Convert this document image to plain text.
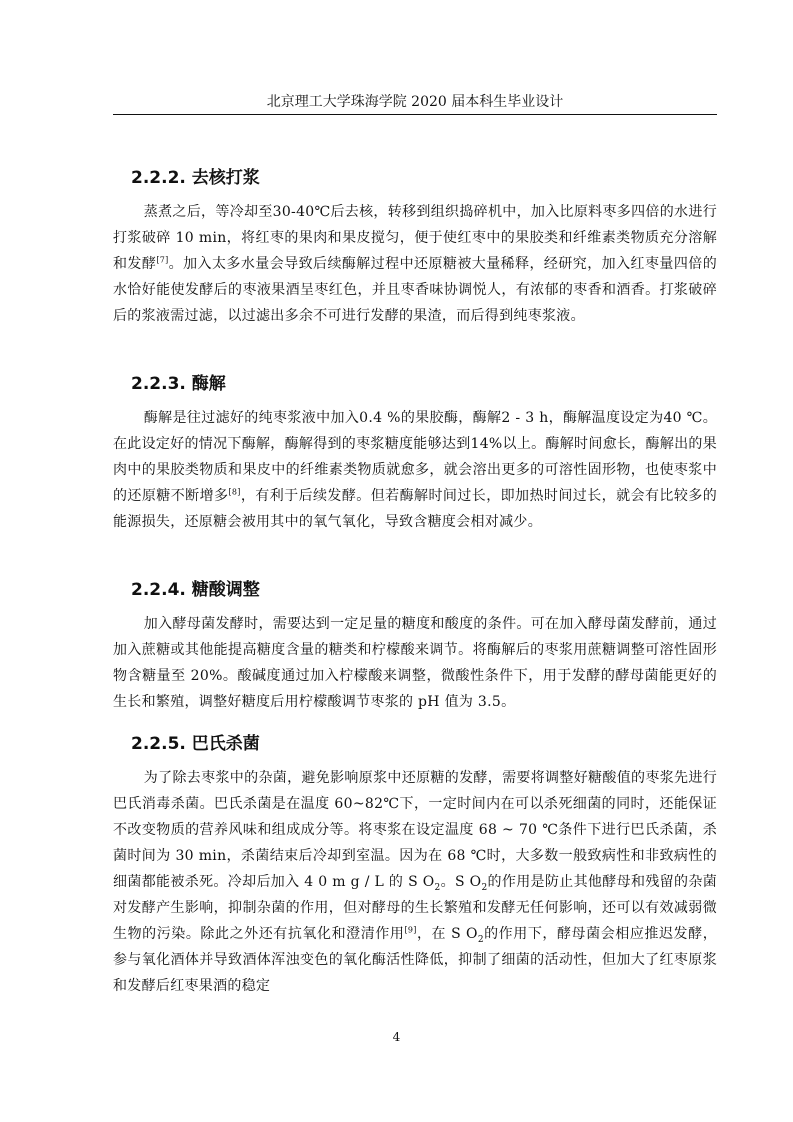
北京理工大学珠海学院 2020 届本科生毕业设计
2.2.2. 去核打浆

蒸煮之后，等冷却至30-40℃后去核，转移到组织捣碎机中，加入比原料枣多四倍的水进行打浆破碎 10 min，将红枣的果肉和果皮搅匀，便于使红枣中的果胶类和纤维素类物质充分溶解和发酵[7]。加入太多水量会导致后续酶解过程中还原糖被大量稀释，经研究，加入红枣量四倍的水恰好能使发酵后的枣液果酒呈枣红色，并且枣香味协调悦人，有浓郁的枣香和酒香。打浆破碎后的浆液需过滤，以过滤出多余不可进行发酵的果渣，而后得到纯枣浆液。

2.2.3. 酶解

酶解是往过滤好的纯枣浆液中加入0.4 %的果胶酶，酶解2 - 3 h，酶解温度设定为40 ℃。在此设定好的情况下酶解，酶解得到的枣浆糖度能够达到14%以上。酶解时间愈长，酶解出的果肉中的果胶类物质和果皮中的纤维素类物质就愈多，就会溶出更多的可溶性固形物，也使枣浆中的还原糖不断增多[8]，有利于后续发酵。但若酶解时间过长，即加热时间过长，就会有比较多的能源损失，还原糖会被用其中的氧气氧化，导致含糖度会相对减少。

2.2.4. 糖酸调整

加入酵母菌发酵时，需要达到一定足量的糖度和酸度的条件。可在加入酵母菌发酵前，通过加入蔗糖或其他能提高糖度含量的糖类和柠檬酸来调节。将酶解后的枣浆用蔗糖调整可溶性固形物含糖量至 20%。酸碱度通过加入柠檬酸来调整，微酸性条件下，用于发酵的酵母菌能更好的生长和繁殖，调整好糖度后用柠檬酸调节枣浆的 pH 值为 3.5。

2.2.5. 巴氏杀菌

为了除去枣浆中的杂菌，避免影响原浆中还原糖的发酵，需要将调整好糖酸值的枣浆先进行巴氏消毒杀菌。巴氏杀菌是在温度 60~82℃下，一定时间内在可以杀死细菌的同时，还能保证不改变物质的营养风味和组成成分等。将枣浆在设定温度 68 ~ 70 ℃条件下进行巴氏杀菌，杀菌时间为 30 min，杀菌结束后冷却到室温。因为在 68 ℃时，大多数一般致病性和非致病性的细菌都能被杀死。冷却后加入 4 0 m g / L 的 S $O_2$。S $O_2$的作用是防止其他酵母和残留的杂菌对发酵产生影响，抑制杂菌的作用，但对酵母的生长繁殖和发酵无任何影响，还可以有效减弱微生物的污染。除此之外还有抗氧化和澄清作用[9]，在 S $O_2$的作用下，酵母菌会相应推迟发酵，参与氧化酒体并导致酒体浑浊变色的氧化酶活性降低，抑制了细菌的活动性，但加大了红枣原浆和发酵后红枣果酒的稳定

4
